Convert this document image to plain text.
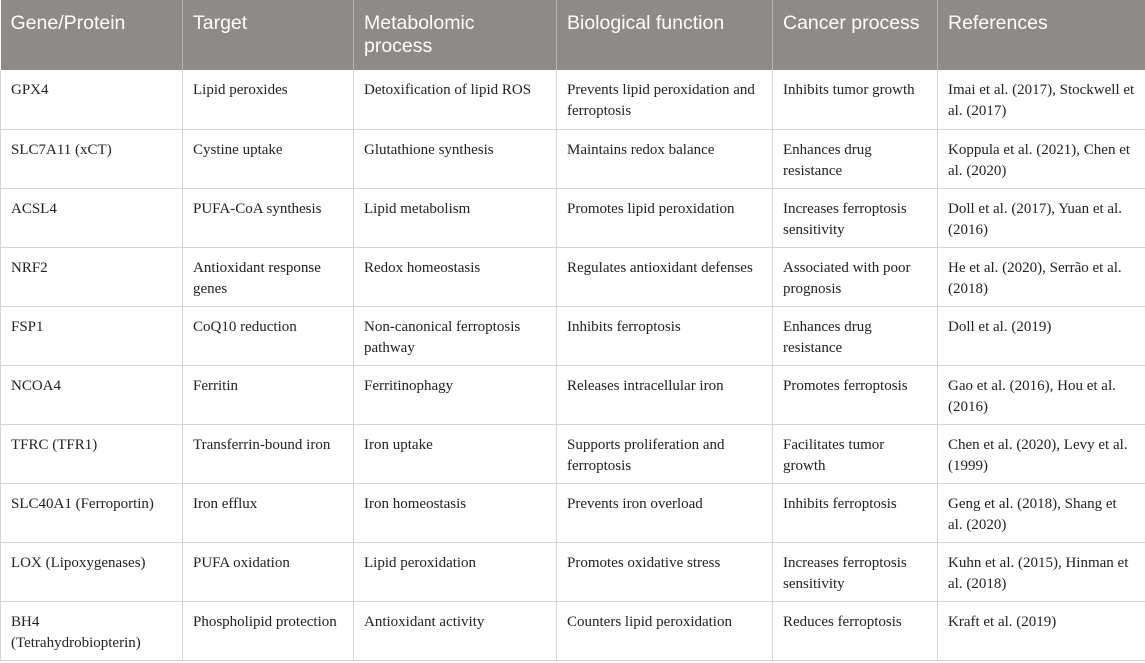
Gene/Protein	Target	Metabolomic process	Biological function	Cancer process	References
GPX4	Lipid peroxides	Detoxification of lipid ROS	Prevents lipid peroxidation and ferroptosis	Inhibits tumor growth	Imai et al. (2017), Stockwell et al. (2017)
SLC7A11 (xCT)	Cystine uptake	Glutathione synthesis	Maintains redox balance	Enhances drug resistance	Koppula et al. (2021), Chen et al. (2020)
ACSL4	PUFA-CoA synthesis	Lipid metabolism	Promotes lipid peroxidation	Increases ferroptosis sensitivity	Doll et al. (2017), Yuan et al. (2016)
NRF2	Antioxidant response genes	Redox homeostasis	Regulates antioxidant defenses	Associated with poor prognosis	He et al. (2020), Serrão et al. (2018)
FSP1	CoQ10 reduction	Non-canonical ferroptosis pathway	Inhibits ferroptosis	Enhances drug resistance	Doll et al. (2019)
NCOA4	Ferritin	Ferritinophagy	Releases intracellular iron	Promotes ferroptosis	Gao et al. (2016), Hou et al. (2016)
TFRC (TFR1)	Transferrin-bound iron	Iron uptake	Supports proliferation and ferroptosis	Facilitates tumor growth	Chen et al. (2020), Levy et al. (1999)
SLC40A1 (Ferroportin)	Iron efflux	Iron homeostasis	Prevents iron overload	Inhibits ferroptosis	Geng et al. (2018), Shang et al. (2020)
LOX (Lipoxygenases)	PUFA oxidation	Lipid peroxidation	Promotes oxidative stress	Increases ferroptosis sensitivity	Kuhn et al. (2015), Hinman et al. (2018)
BH4 (Tetrahydrobiopterin)	Phospholipid protection	Antioxidant activity	Counters lipid peroxidation	Reduces ferroptosis	Kraft et al. (2019)
